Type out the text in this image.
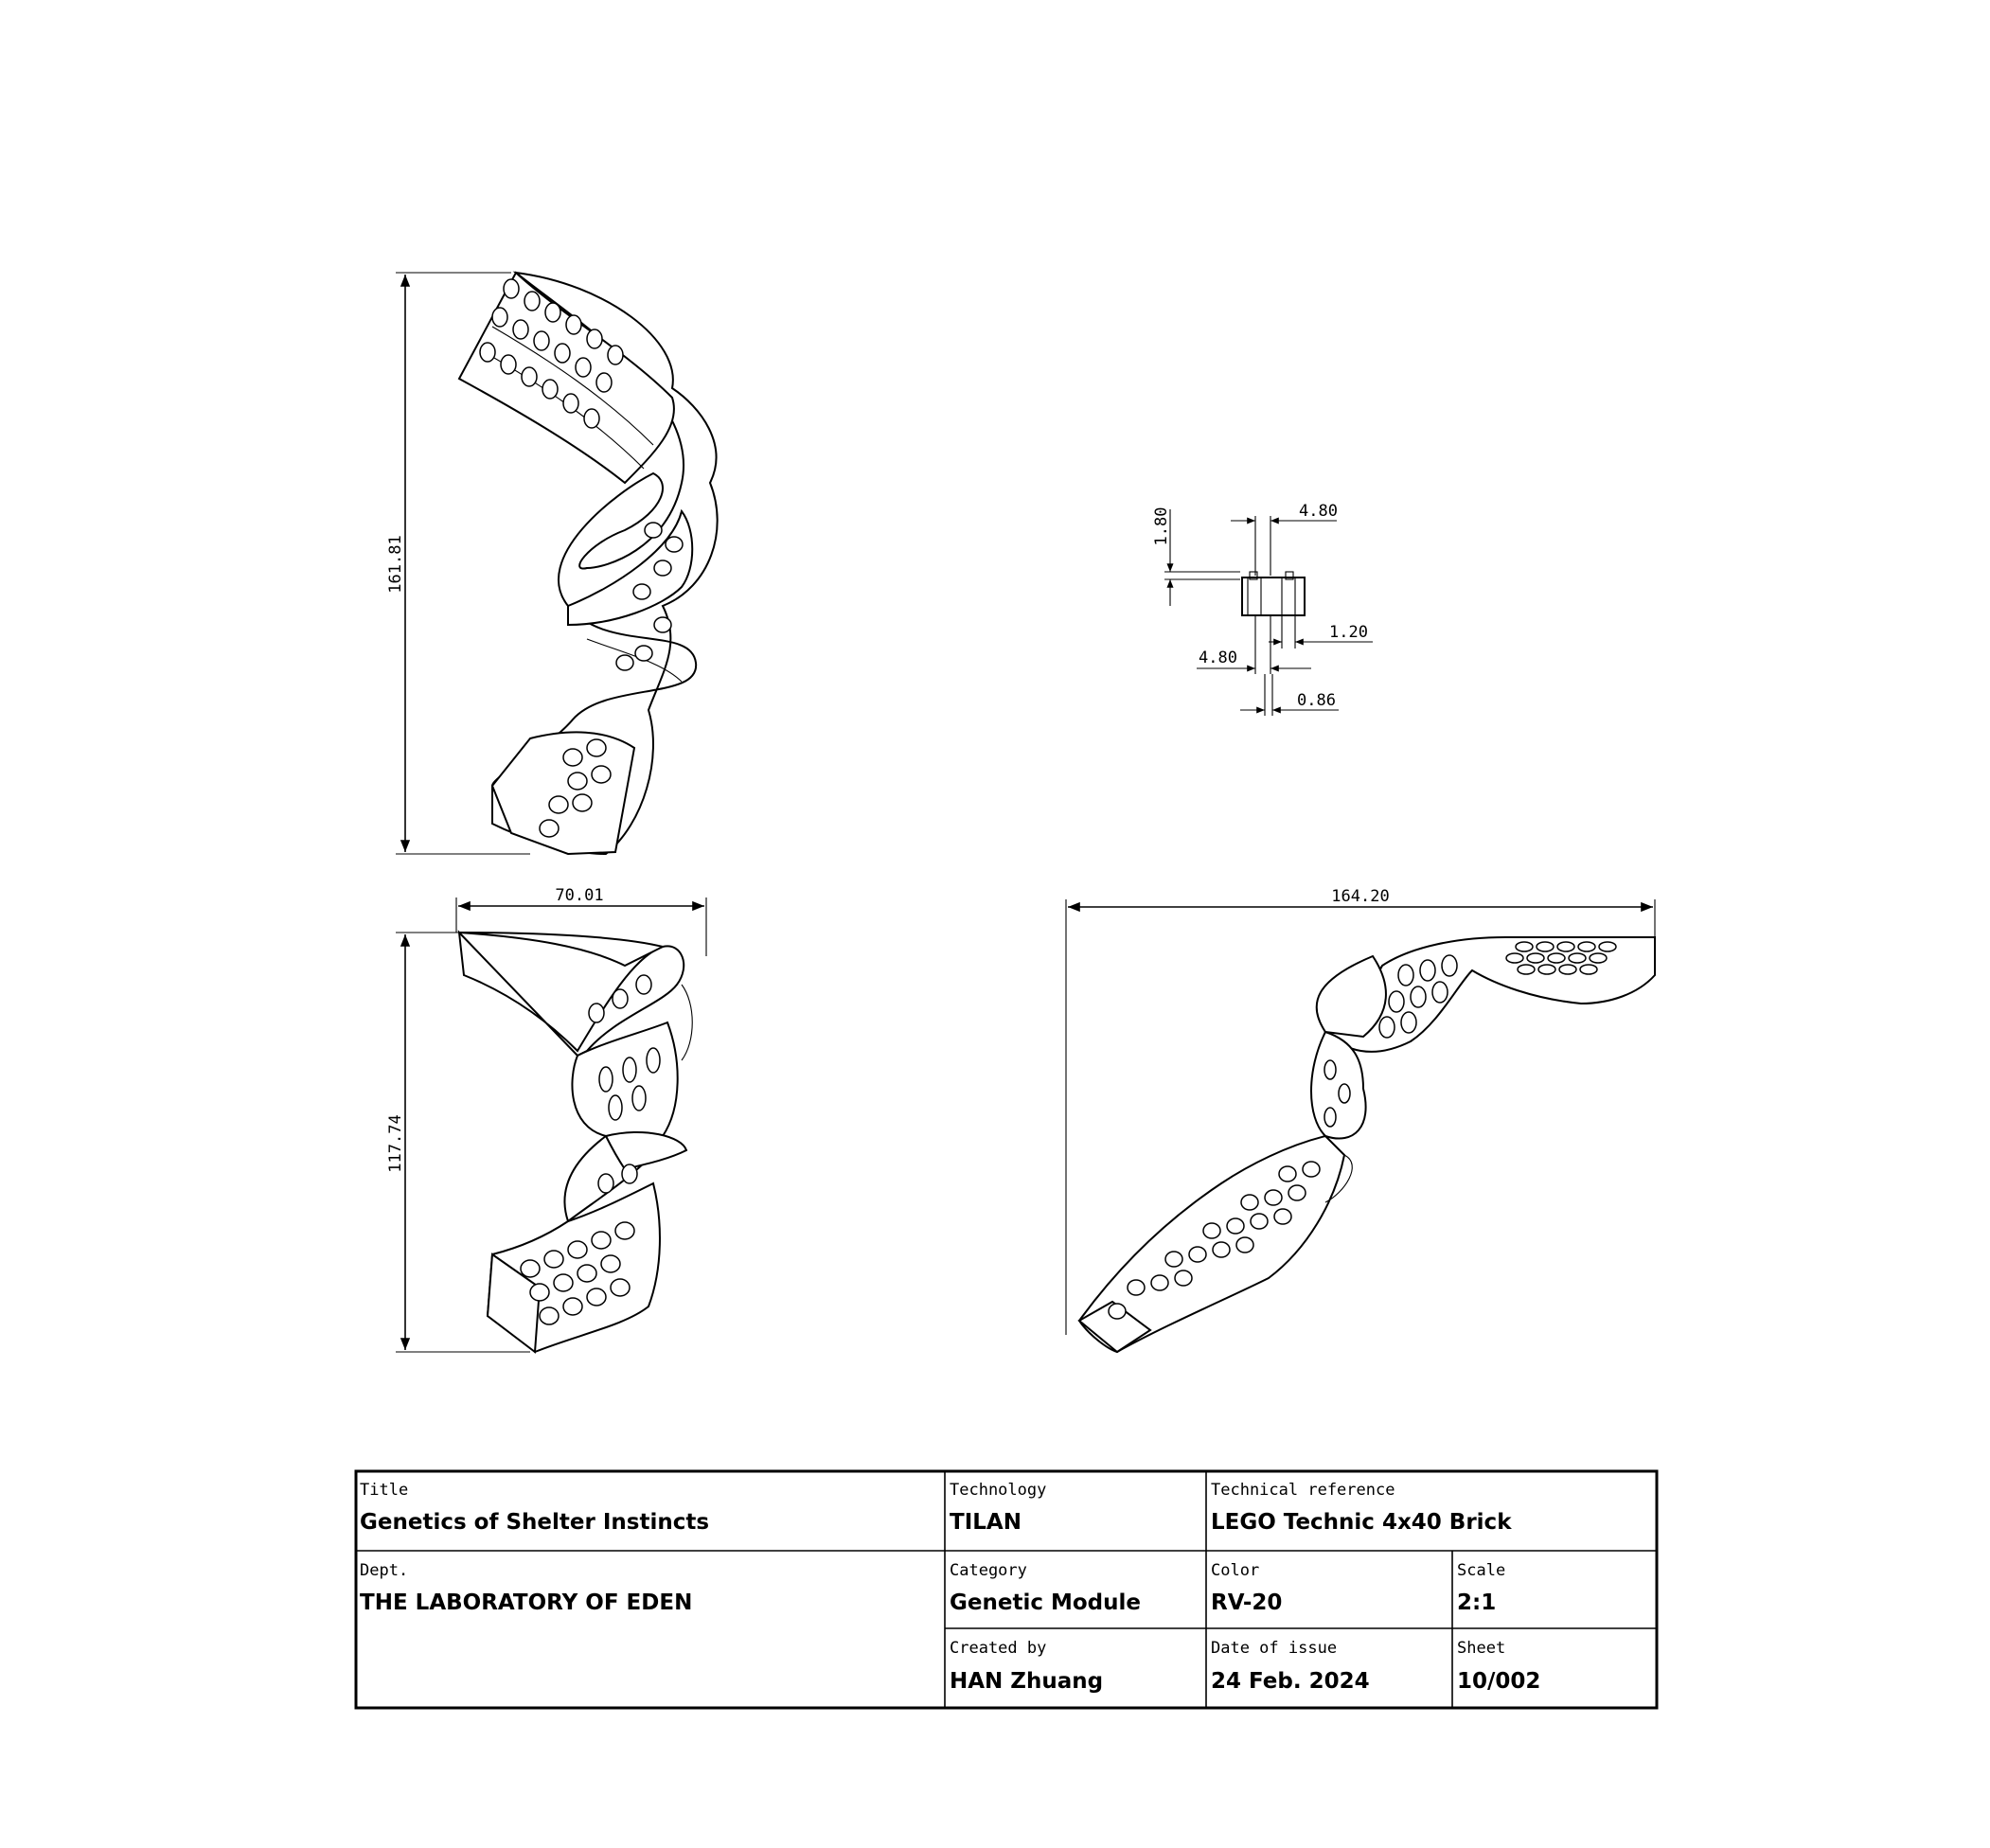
161.81
4.80
1.80
1.20
4.80
0.86
70.01
117.74
164.20
Title
Genetics of Shelter Instincts
Technology
TILAN
Technical reference
LEGO Technic 4x40 Brick
Dept.
THE LABORATORY OF EDEN
Category
Genetic Module
Color
RV-20
Scale
2:1
Created by
HAN Zhuang
Date of issue
24 Feb. 2024
Sheet
10/002
